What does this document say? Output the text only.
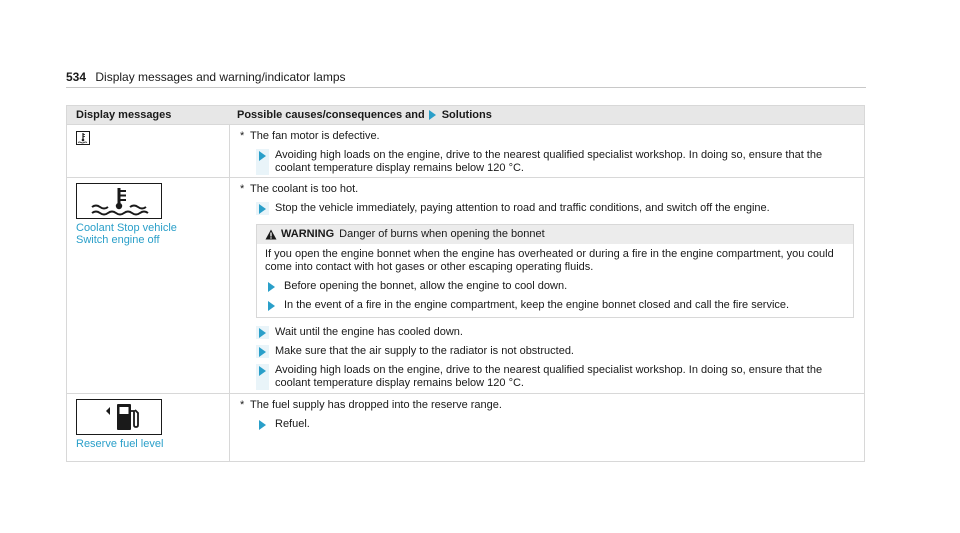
534 Display messages and warning/indicator lamps
Display messages	Possible causes/consequences and Solutions
* The fan motor is defective.
Avoiding high loads on the engine, drive to the nearest qualified specialist workshop. In doing so, ensure that the coolant temperature display remains below 120 °C.
Coolant Stop vehicle
Switch engine off
* The coolant is too hot.
Stop the vehicle immediately, paying attention to road and traffic conditions, and switch off the engine.
WARNING Danger of burns when opening the bonnet
If you open the engine bonnet when the engine has overheated or during a fire in the engine compartment, you could come into contact with hot gases or other escaping operating fluids.
Before opening the bonnet, allow the engine to cool down.
In the event of a fire in the engine compartment, keep the engine bonnet closed and call the fire service.
Wait until the engine has cooled down.
Make sure that the air supply to the radiator is not obstructed.
Avoiding high loads on the engine, drive to the nearest qualified specialist workshop. In doing so, ensure that the coolant temperature display remains below 120 °C.
Reserve fuel level
* The fuel supply has dropped into the reserve range.
Refuel.
